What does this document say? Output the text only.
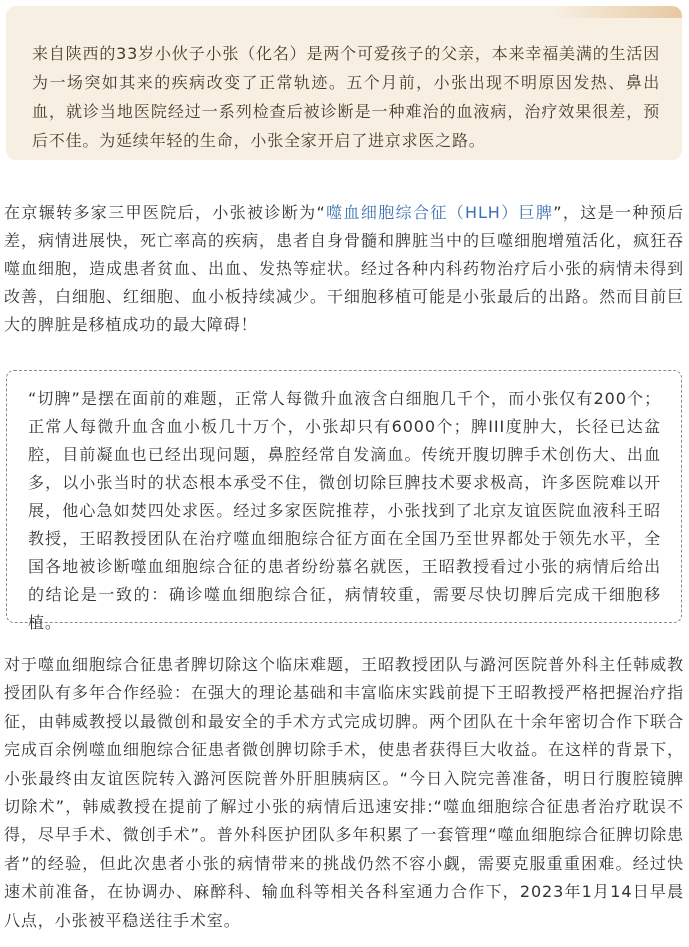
来自陕西的33岁小伙子小张（化名）是两个可爱孩子的父亲，本来幸福美满的生活因为一场突如其来的疾病改变了正常轨迹。五个月前，小张出现不明原因发热、鼻出血，就诊当地医院经过一系列检查后被诊断是一种难治的血液病，治疗效果很差，预后不佳。为延续年轻的生命，小张全家开启了进京求医之路。

在京辗转多家三甲医院后，小张被诊断为“噬血细胞综合征（HLH）巨脾”，这是一种预后差，病情进展快，死亡率高的疾病，患者自身骨髓和脾脏当中的巨噬细胞增殖活化，疯狂吞噬血细胞，造成患者贫血、出血、发热等症状。经过各种内科药物治疗后小张的病情未得到改善，白细胞、红细胞、血小板持续减少。干细胞移植可能是小张最后的出路。然而目前巨大的脾脏是移植成功的最大障碍！

“切脾”是摆在面前的难题，正常人每微升血液含白细胞几千个，而小张仅有200个；正常人每微升血含血小板几十万个，小张却只有6000个；脾III度肿大，长径已达盆腔，目前凝血也已经出现问题，鼻腔经常自发滴血。传统开腹切脾手术创伤大、出血多，以小张当时的状态根本承受不住，微创切除巨脾技术要求极高，许多医院难以开展，他心急如焚四处求医。经过多家医院推荐，小张找到了北京友谊医院血液科王昭教授，王昭教授团队在治疗噬血细胞综合征方面在全国乃至世界都处于领先水平，全国各地被诊断噬血细胞综合征的患者纷纷慕名就医，王昭教授看过小张的病情后给出的结论是一致的：确诊噬血细胞综合征，病情较重，需要尽快切脾后完成干细胞移植。

对于噬血细胞综合征患者脾切除这个临床难题，王昭教授团队与潞河医院普外科主任韩威教授团队有多年合作经验：在强大的理论基础和丰富临床实践前提下王昭教授严格把握治疗指征，由韩威教授以最微创和最安全的手术方式完成切脾。两个团队在十余年密切合作下联合完成百余例噬血细胞综合征患者微创脾切除手术，使患者获得巨大收益。在这样的背景下，小张最终由友谊医院转入潞河医院普外肝胆胰病区。“今日入院完善准备，明日行腹腔镜脾切除术”，韩威教授在提前了解过小张的病情后迅速安排:“噬血细胞综合征患者治疗耽误不得，尽早手术、微创手术”。普外科医护团队多年积累了一套管理“噬血细胞综合征脾切除患者”的经验，但此次患者小张的病情带来的挑战仍然不容小觑，需要克服重重困难。经过快速术前准备，在协调办、麻醉科、输血科等相关各科室通力合作下，2023年1月14日早晨八点，小张被平稳送往手术室。
